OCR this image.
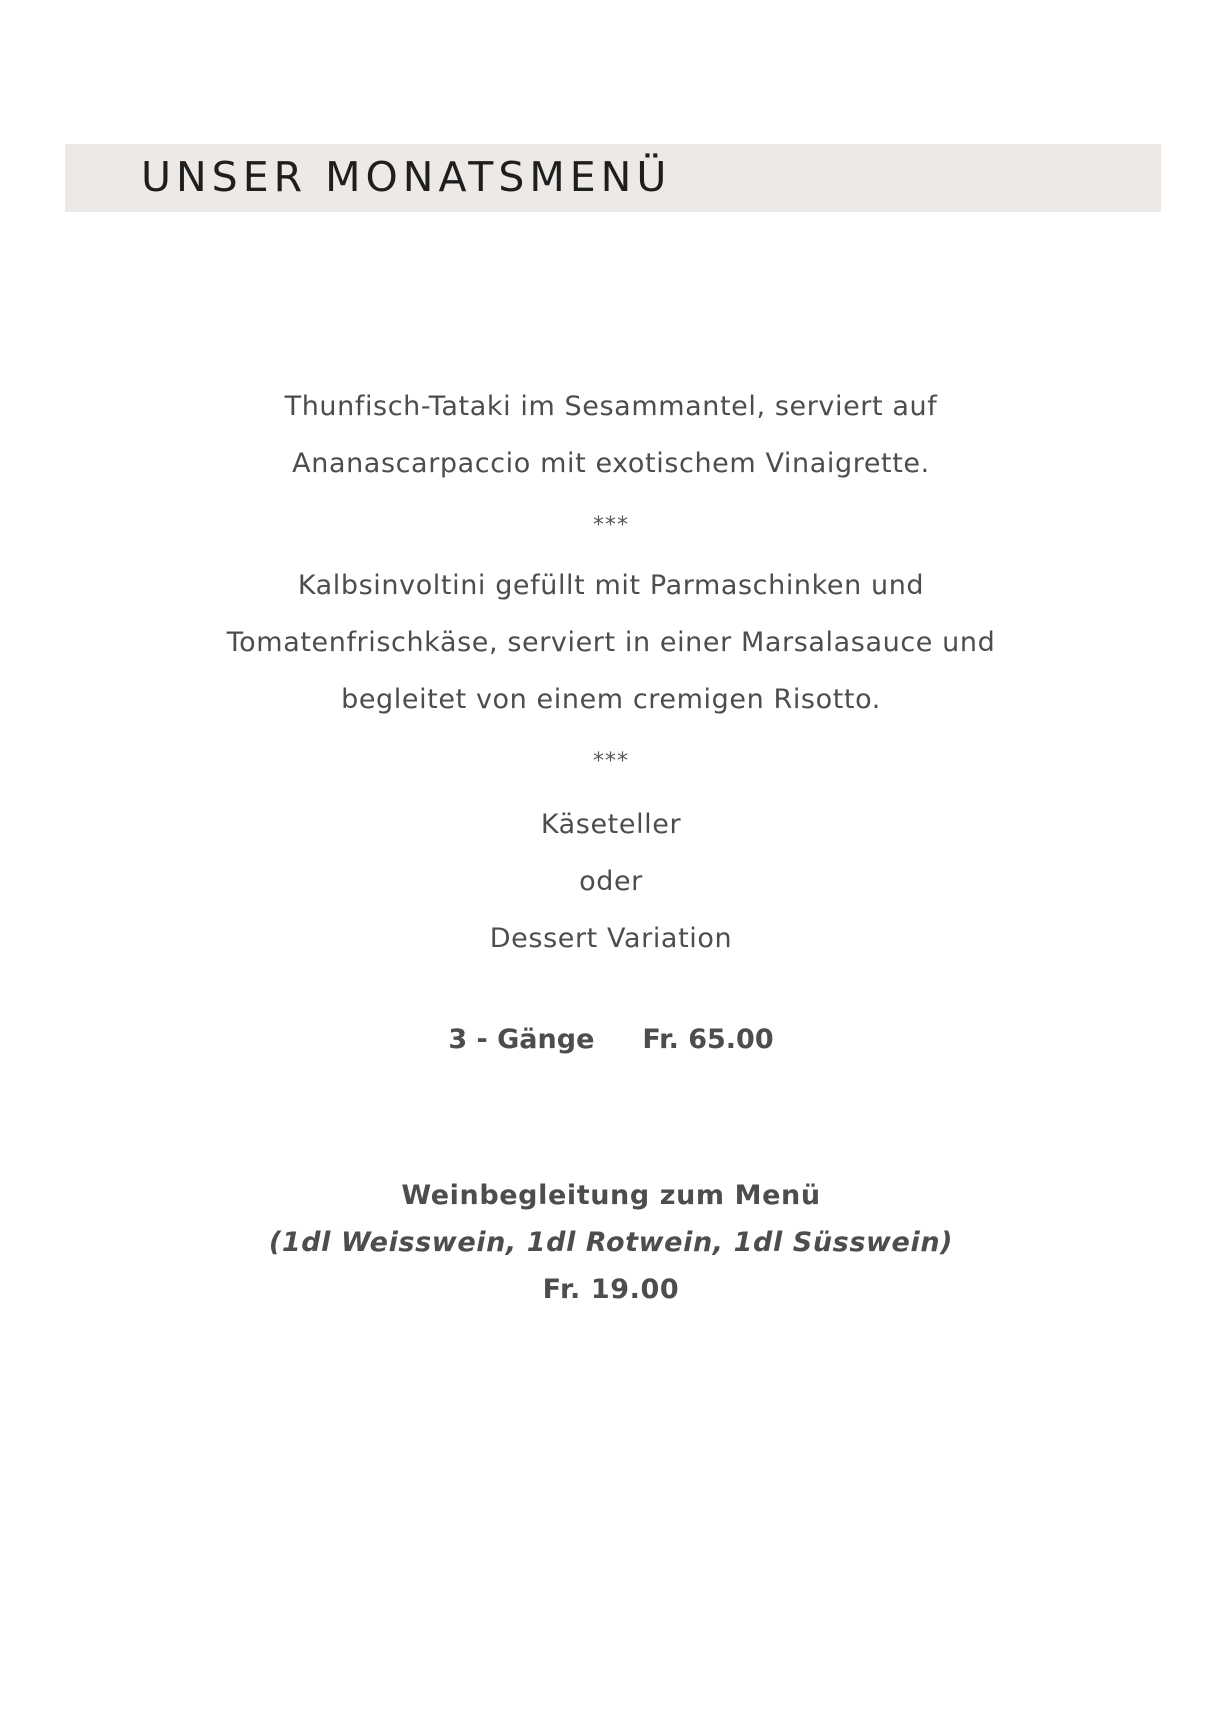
UNSER MONATSMENÜ
Thunfisch-Tataki im Sesammantel, serviert auf
Ananascarpaccio mit exotischem Vinaigrette.
***
Kalbsinvoltini gefüllt mit Parmaschinken und
Tomatenfrischkäse, serviert in einer Marsalasauce und
begleitet von einem cremigen Risotto.
***
Käseteller
oder
Dessert Variation
3 - Gänge Fr. 65.00
Weinbegleitung zum Menü
(1dl Weisswein, 1dl Rotwein, 1dl Süsswein)
Fr. 19.00
